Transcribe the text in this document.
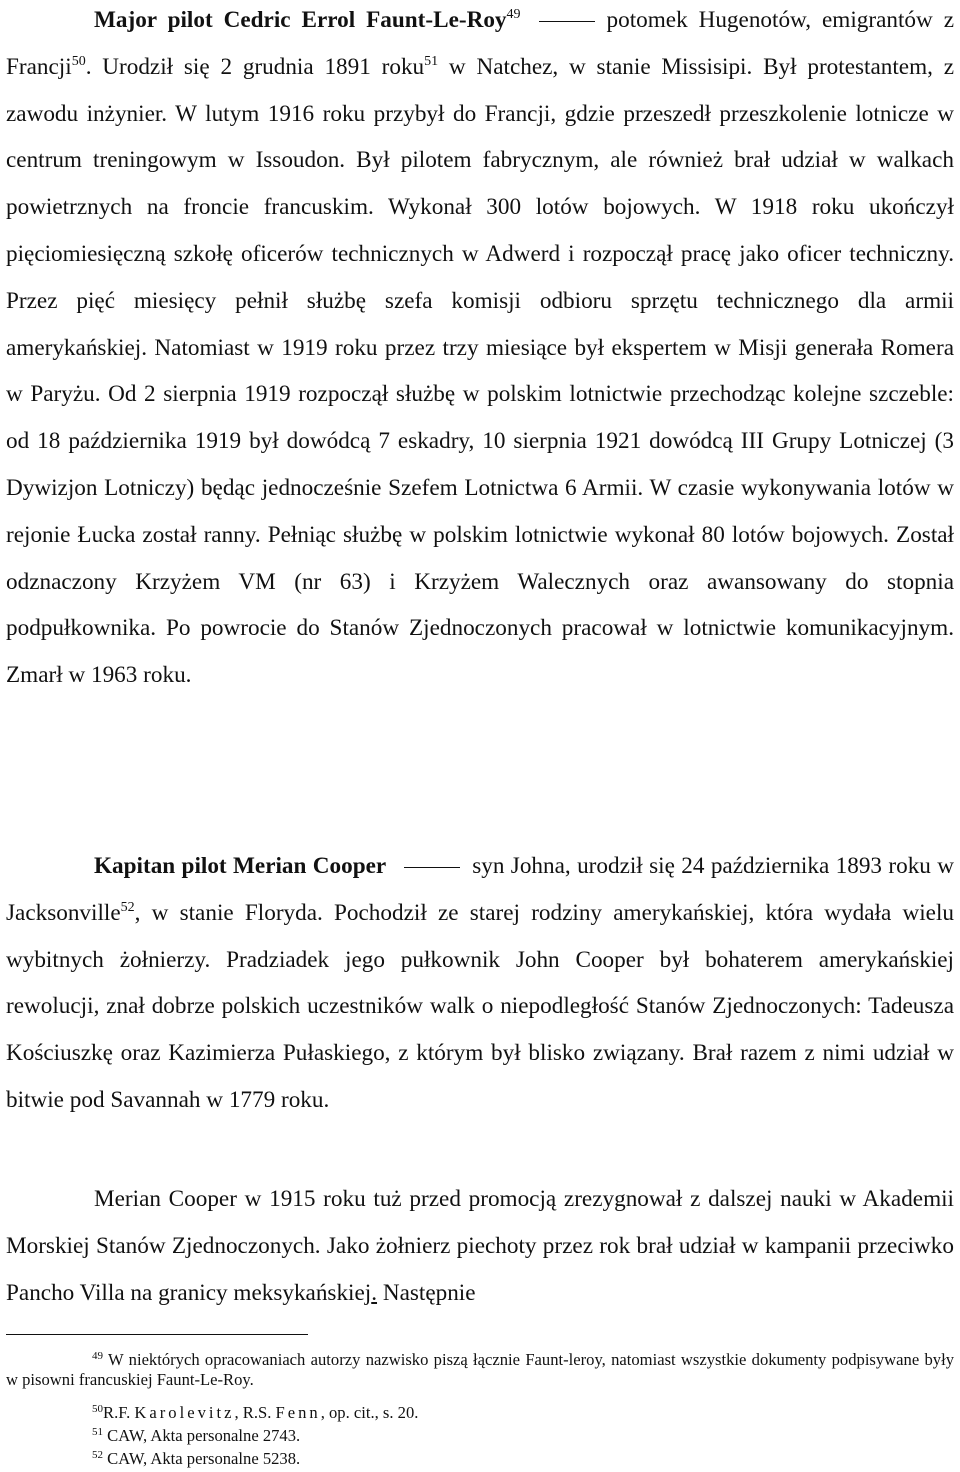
Major pilot Cedric Errol Faunt-Le-Roy$^{49}$	potomek Hugenotów, emigrantów z Francji$^{50}$. Urodził się 2 grudnia 1891 roku$^{51}$ w Natchez, w stanie Missisipi. Był protestantem, z zawodu inżynier. W lutym 1916 roku przybył do Francji, gdzie przeszedł przeszkolenie lotnicze w centrum treningowym w Issoudon. Był pilotem fabrycznym, ale również brał udział w walkach powietrznych na froncie francuskim. Wykonał 300 lotów bojowych. W 1918 roku ukończył pięciomiesięczną szkołę oficerów technicznych w Adwerd i rozpoczął pracę jako oficer techniczny. Przez pięć miesięcy pełnił służbę szefa komisji odbioru sprzętu technicznego dla armii amerykańskiej. Natomiast w 1919 roku przez trzy miesiące był ekspertem w Misji generała Romera w Paryżu. Od 2 sierpnia 1919 rozpoczął służbę w polskim lotnictwie przechodząc kolejne szczeble: od 18 października 1919 był dowódcą 7 eskadry, 10 sierpnia 1921 dowódcą III Grupy Lotniczej (3 Dywizjon Lotniczy) będąc jednocześnie Szefem Lotnictwa 6 Armii. W czasie wykonywania lotów w rejonie Łucka został ranny. Pełniąc służbę w polskim lotnictwie wykonał 80 lotów bojowych. Został odznaczony Krzyżem VM (nr 63) i Krzyżem Walecznych oraz awansowany do stopnia podpułkownika. Po powrocie do Stanów Zjednoczonych pracował w lotnictwie komunikacyjnym. Zmarł w 1963 roku.

Kapitan pilot Merian Cooper	syn Johna, urodził się 24 października 1893 roku w Jacksonville$^{52}$, w stanie Floryda. Pochodził ze starej rodziny amerykańskiej, która wydała wielu wybitnych żołnierzy. Pradziadek jego pułkownik John Cooper był bohaterem amerykańskiej rewolucji, znał dobrze polskich uczestników walk o niepodległość Stanów Zjednoczonych: Tadeusza Kościuszkę oraz Kazimierza Pułaskiego, z którym był blisko związany. Brał razem z nimi udział w bitwie pod Savannah w 1779 roku.

Merian Cooper w 1915 roku tuż przed promocją zrezygnował z dalszej nauki w Akademii Morskiej Stanów Zjednoczonych. Jako żołnierz piechoty przez rok brał udział w kampanii przeciwko Pancho Villa na granicy meksykańskiej. Następnie

$^{49}$ W niektórych opracowaniach autorzy nazwisko piszą łącznie Faunt-leroy, natomiast wszystkie dokumenty podpisywane były w pisowni francuskiej Faunt-Le-Roy.

$^{50}$R.F. Karolevitz, R.S. Fenn, op. cit., s. 20.

$^{51}$ CAW, Akta personalne 2743.

$^{52}$ CAW, Akta personalne 5238.
